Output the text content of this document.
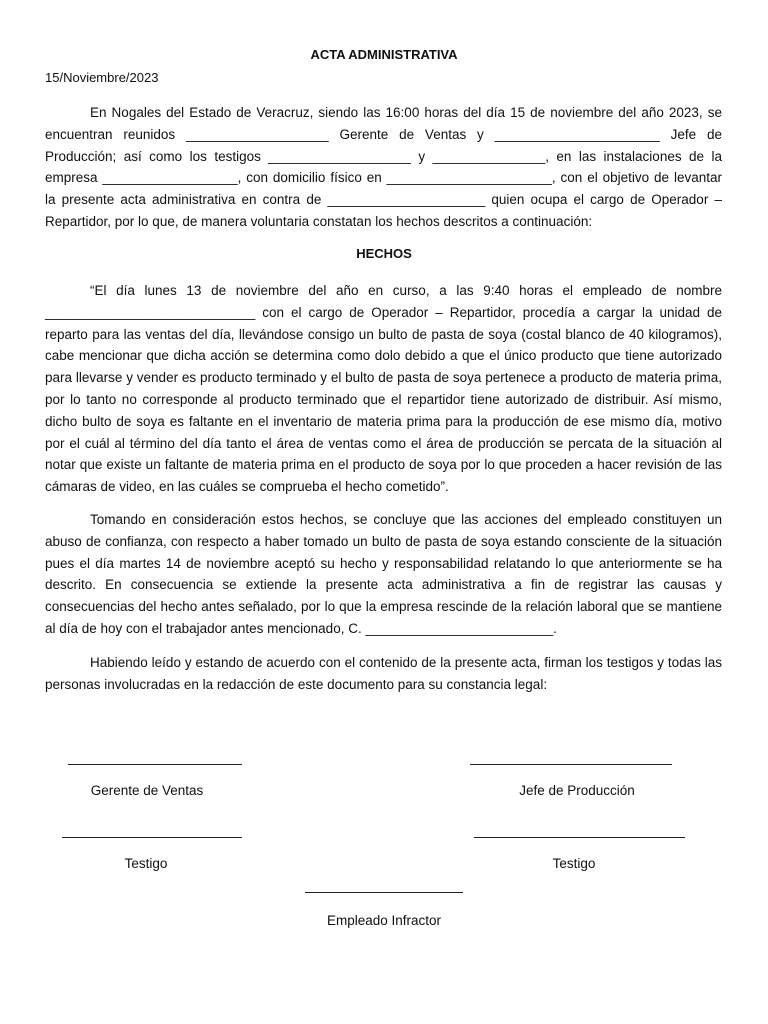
ACTA ADMINISTRATIVA
15/Noviembre/2023

En Nogales del Estado de Veracruz, siendo las 16:00 horas del día 15 de noviembre del año 2023, se encuentran reunidos ___________________ Gerente de Ventas y ______________________ Jefe de Producción; así como los testigos ___________________ y _______________, en las instalaciones de la empresa __________________, con domicilio físico en ______________________, con el objetivo de levantar la presente acta administrativa en contra de _____________________ quien ocupa el cargo de Operador – Repartidor, por lo que, de manera voluntaria constatan los hechos descritos a continuación:

HECHOS

“El día lunes 13 de noviembre del año en curso, a las 9:40 horas el empleado de nombre ____________________________ con el cargo de Operador – Repartidor, procedía a cargar la unidad de reparto para las ventas del día, llevándose consigo un bulto de pasta de soya (costal blanco de 40 kilogramos), cabe mencionar que dicha acción se determina como dolo debido a que el único producto que tiene autorizado para llevarse y vender es producto terminado y el bulto de pasta de soya pertenece a producto de materia prima, por lo tanto no corresponde al producto terminado que el repartidor tiene autorizado de distribuir. Así mismo, dicho bulto de soya es faltante en el inventario de materia prima para la producción de ese mismo día, motivo por el cuál al término del día tanto el área de ventas como el área de producción se percata de la situación al notar que existe un faltante de materia prima en el producto de soya por lo que proceden a hacer revisión de las cámaras de video, en las cuáles se comprueba el hecho cometido”.

Tomando en consideración estos hechos, se concluye que las acciones del empleado constituyen un abuso de confianza, con respecto a haber tomado un bulto de pasta de soya estando consciente de la situación pues el día martes 14 de noviembre aceptó su hecho y responsabilidad relatando lo que anteriormente se ha descrito. En consecuencia se extiende la presente acta administrativa a fin de registrar las causas y consecuencias del hecho antes señalado, por lo que la empresa rescinde de la relación laboral que se mantiene al día de hoy con el trabajador antes mencionado, C. _________________________.

Habiendo leído y estando de acuerdo con el contenido de la presente acta, firman los testigos y todas las personas involucradas en la redacción de este documento para su constancia legal:

Gerente de Ventas	Jefe de Producción
Testigo	Testigo
Empleado Infractor
